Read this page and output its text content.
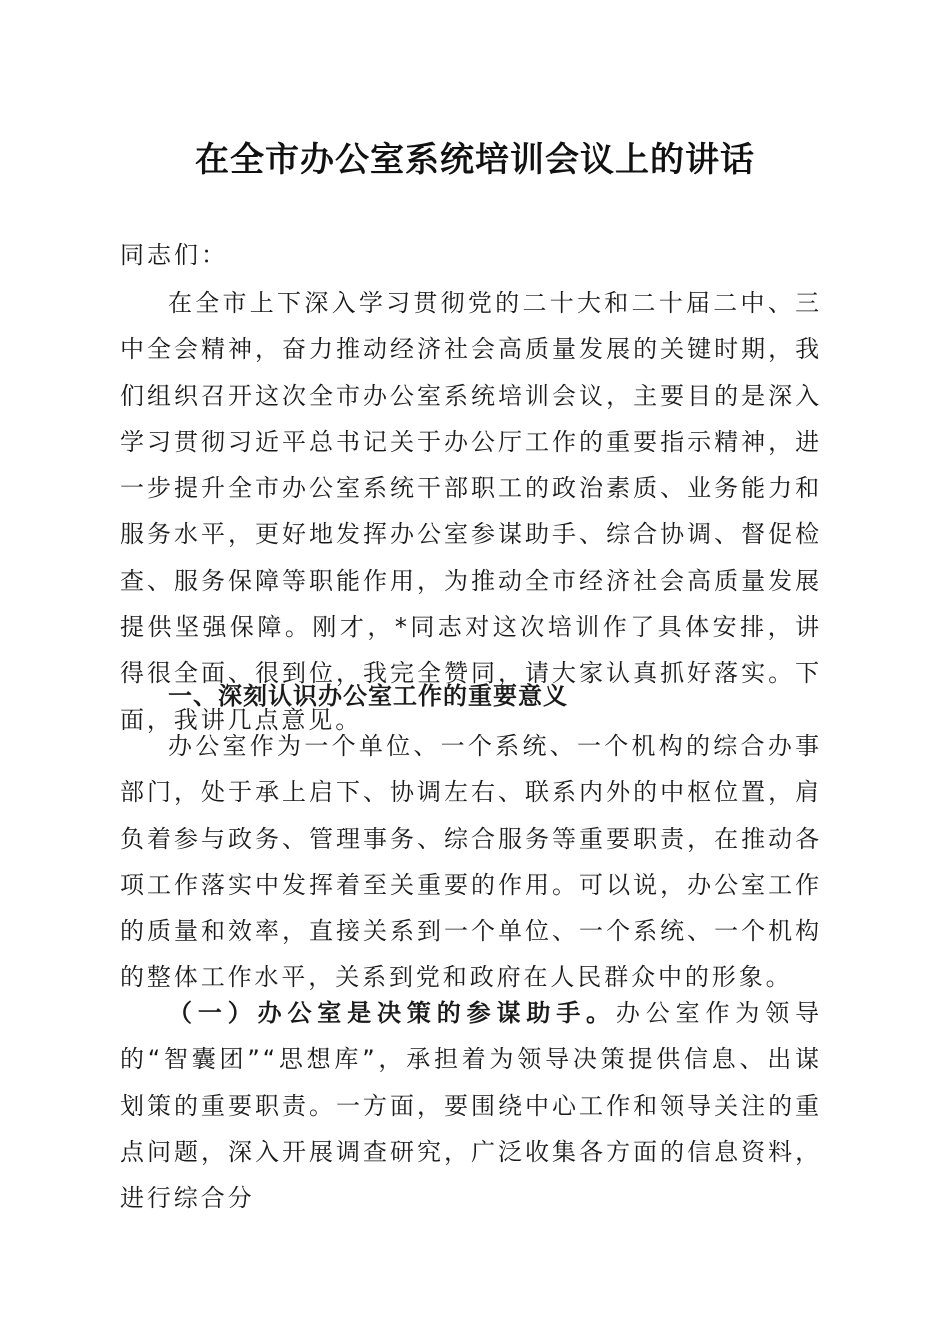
在全市办公室系统培训会议上的讲话
同志们：

在全市上下深入学习贯彻党的二十大和二十届二中、三中全会精神，奋力推动经济社会高质量发展的关键时期，我们组织召开这次全市办公室系统培训会议，主要目的是深入学习贯彻习近平总书记关于办公厅工作的重要指示精神，进一步提升全市办公室系统干部职工的政治素质、业务能力和服务水平，更好地发挥办公室参谋助手、综合协调、督促检查、服务保障等职能作用，为推动全市经济社会高质量发展提供坚强保障。刚才，*同志对这次培训作了具体安排，讲得很全面、很到位，我完全赞同，请大家认真抓好落实。下面，我讲几点意见。

一、深刻认识办公室工作的重要意义

办公室作为一个单位、一个系统、一个机构的综合办事部门，处于承上启下、协调左右、联系内外的中枢位置，肩负着参与政务、管理事务、综合服务等重要职责，在推动各项工作落实中发挥着至关重要的作用。可以说，办公室工作的质量和效率，直接关系到一个单位、一个系统、一个机构的整体工作水平，关系到党和政府在人民群众中的形象。

（一）办公室是决策的参谋助手。办公室作为领导的“智囊团”“思想库”，承担着为领导决策提供信息、出谋划策的重要职责。一方面，要围绕中心工作和领导关注的重点问题，深入开展调查研究，广泛收集各方面的信息资料，进行综合分
